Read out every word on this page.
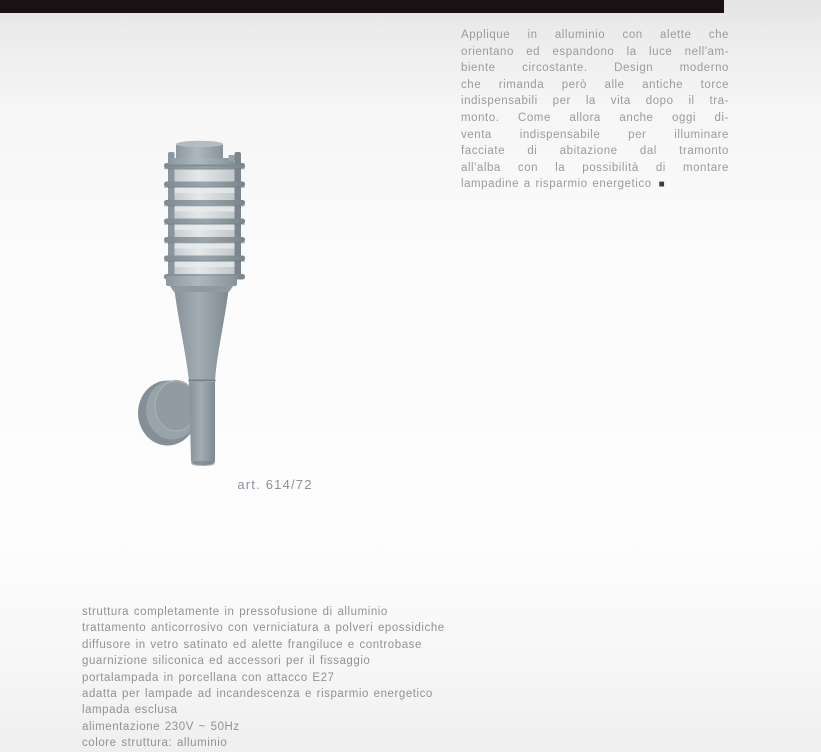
art. 614/72
Applique in alluminio con alette che
orientano ed espandono la luce nell'am-
biente circostante. Design moderno
che rimanda però alle antiche torce
indispensabili per la vita dopo il tra-
monto. Come allora anche oggi di-
venta indispensabile per illuminare
facciate di abitazione dal tramonto
all'alba con la possibilità di montare
lampadine a risparmio energetico ■
struttura completamente in pressofusione di alluminio
trattamento anticorrosivo con verniciatura a polveri epossidiche
diffusore in vetro satinato ed alette frangiluce e controbase
guarnizione siliconica ed accessori per il fissaggio
portalampada in porcellana con attacco E27
adatta per lampade ad incandescenza e risparmio energetico
lampada esclusa
alimentazione 230V ~ 50Hz
colore struttura: alluminio
